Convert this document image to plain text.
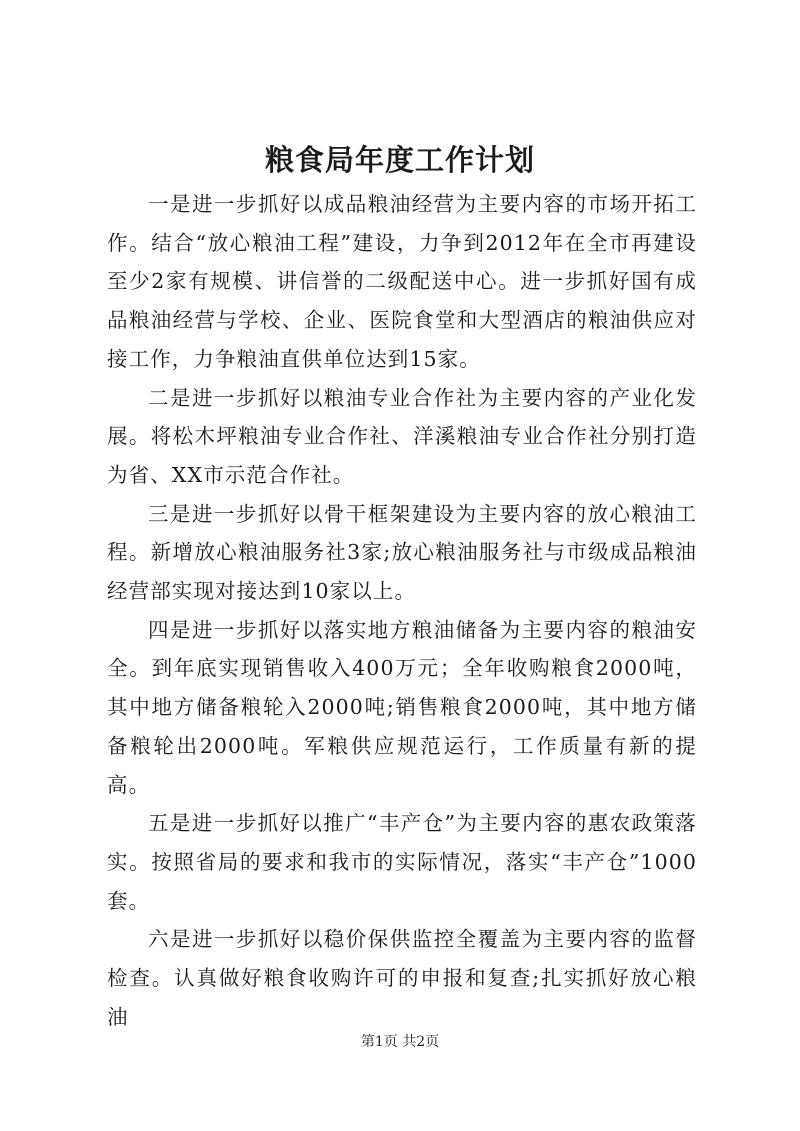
粮食局年度工作计划

一是进一步抓好以成品粮油经营为主要内容的市场开拓工作。结合“放心粮油工程”建设，力争到2012年在全市再建设至少2家有规模、讲信誉的二级配送中心。进一步抓好国有成品粮油经营与学校、企业、医院食堂和大型酒店的粮油供应对接工作，力争粮油直供单位达到15家。

二是进一步抓好以粮油专业合作社为主要内容的产业化发展。将松木坪粮油专业合作社、洋溪粮油专业合作社分别打造为省、XX市示范合作社。

三是进一步抓好以骨干框架建设为主要内容的放心粮油工程。新增放心粮油服务社3家;放心粮油服务社与市级成品粮油经营部实现对接达到10家以上。

四是进一步抓好以落实地方粮油储备为主要内容的粮油安全。到年底实现销售收入400万元；全年收购粮食2000吨，其中地方储备粮轮入2000吨;销售粮食2000吨，其中地方储备粮轮出2000吨。军粮供应规范运行，工作质量有新的提高。

五是进一步抓好以推广“丰产仓”为主要内容的惠农政策落实。按照省局的要求和我市的实际情况，落实“丰产仓”1000套。

六是进一步抓好以稳价保供监控全覆盖为主要内容的监督检查。认真做好粮食收购许可的申报和复查;扎实抓好放心粮油

第1页 共2页
